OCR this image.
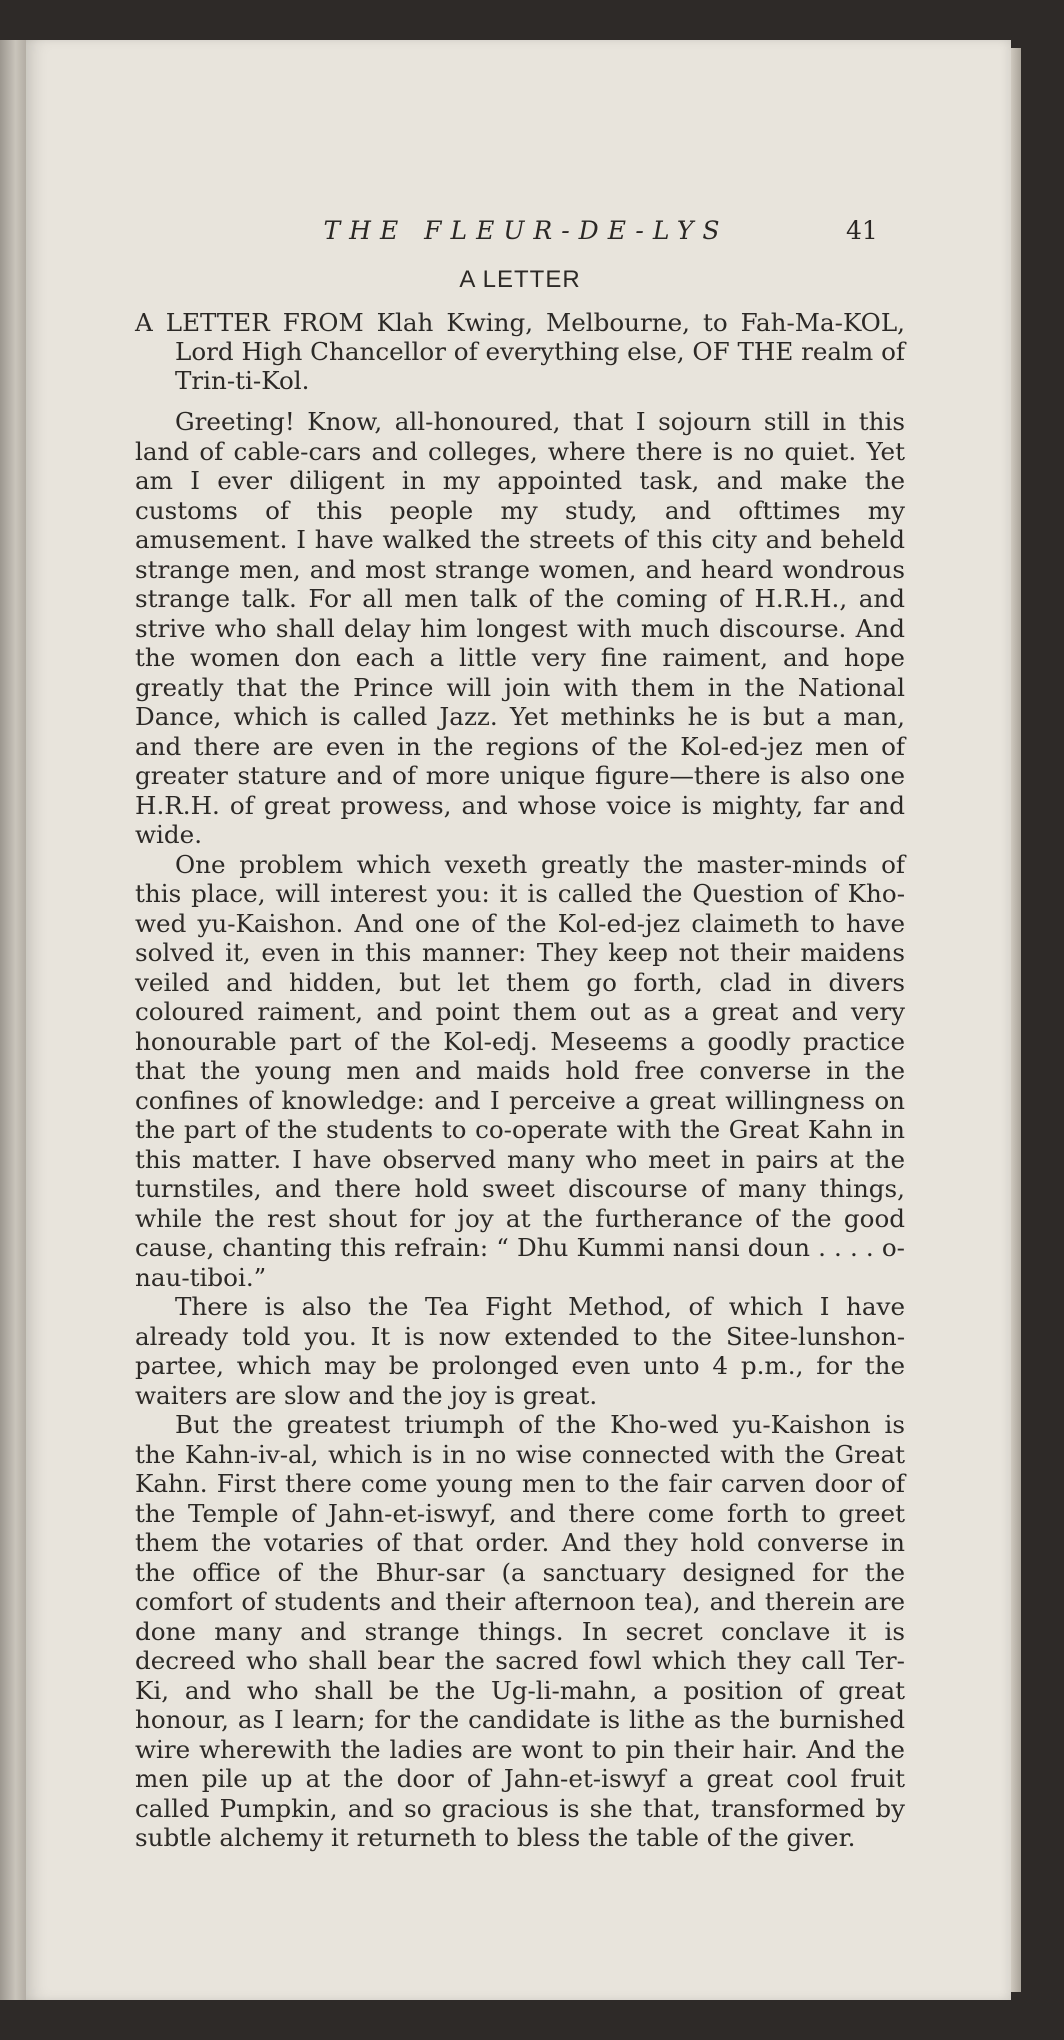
THE FLEUR-DE-LYS	41
A LETTER

A LETTER FROM Klah Kwing, Melbourne, to Fah-Ma-KOL, Lord High Chancellor of everything else, OF THE realm of Trin-ti-Kol.

Greeting! Know, all-honoured, that I sojourn still in this land of cable-cars and colleges, where there is no quiet. Yet am I ever diligent in my appointed task, and make the customs of this people my study, and ofttimes my amusement. I have walked the streets of this city and beheld strange men, and most strange women, and heard wondrous strange talk. For all men talk of the coming of H.R.H., and strive who shall delay him longest with much discourse. And the women don each a little very fine raiment, and hope greatly that the Prince will join with them in the National Dance, which is called Jazz. Yet methinks he is but a man, and there are even in the regions of the Kol-ed-jez men of greater stature and of more unique figure—there is also one H.R.H. of great prowess, and whose voice is mighty, far and wide.

One problem which vexeth greatly the master-minds of this place, will interest you: it is called the Question of Kho-wed yu-Kaishon. And one of the Kol-ed-jez claimeth to have solved it, even in this manner: They keep not their maidens veiled and hidden, but let them go forth, clad in divers coloured raiment, and point them out as a great and very honourable part of the Kol-edj. Meseems a goodly practice that the young men and maids hold free converse in the confines of knowledge: and I perceive a great willingness on the part of the students to co-operate with the Great Kahn in this matter. I have observed many who meet in pairs at the turnstiles, and there hold sweet discourse of many things, while the rest shout for joy at the furtherance of the good cause, chanting this refrain: “ Dhu Kummi nansi doun . . . . o-nau-tiboi.”

There is also the Tea Fight Method, of which I have already told you. It is now extended to the Sitee-lunshon-partee, which may be prolonged even unto 4 p.m., for the waiters are slow and the joy is great.

But the greatest triumph of the Kho-wed yu-Kaishon is the Kahn-iv-al, which is in no wise connected with the Great Kahn. First there come young men to the fair carven door of the Temple of Jahn-et-iswyf, and there come forth to greet them the votaries of that order. And they hold converse in the office of the Bhur-sar (a sanctuary designed for the comfort of students and their afternoon tea), and therein are done many and strange things. In secret conclave it is decreed who shall bear the sacred fowl which they call Ter-Ki, and who shall be the Ug-li-mahn, a position of great honour, as I learn; for the candidate is lithe as the burnished wire wherewith the ladies are wont to pin their hair. And the men pile up at the door of Jahn-et-iswyf a great cool fruit called Pumpkin, and so gracious is she that, transformed by subtle alchemy it returneth to bless the table of the giver.
